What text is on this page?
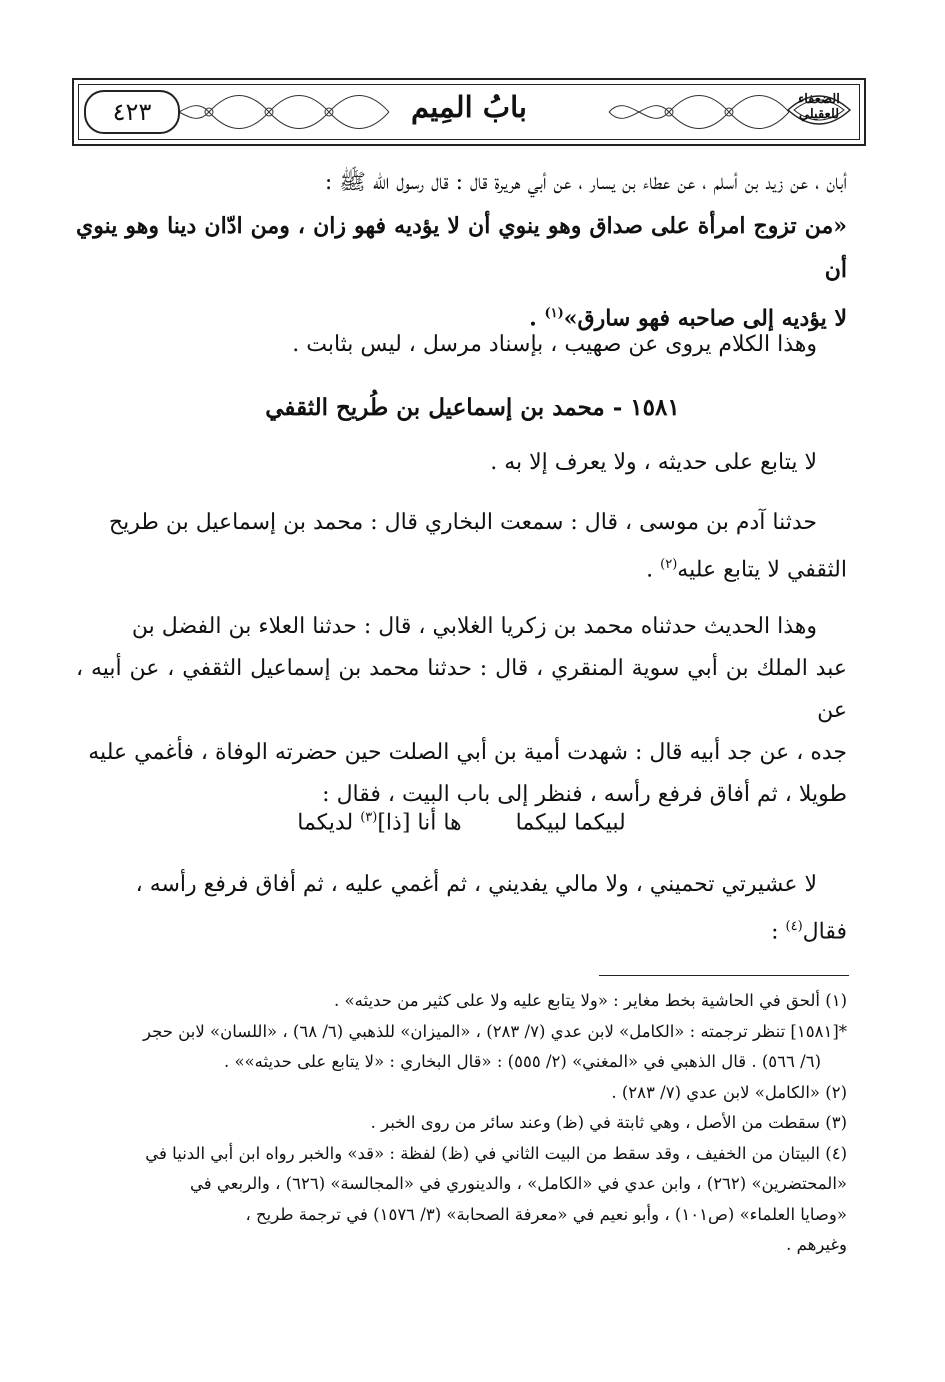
بابُ المِيم
٤٢٣	الضعفاء للعقيلي

أبان ، عن زيد بن أسلم ، عن عطاء بن يسار ، عن أبي هريرة قال : قال رسول الله ﷺ :

«من تزوج امرأة على صداق وهو ينوي أن لا يؤديه فهو زان ، ومن ادّان دينا وهو ينوي أن

لا يؤديه إلى صاحبه فهو سارق»$^{(١)}$ .

وهذا الكلام يروى عن صهيب ، بإسناد مرسل ، ليس بثابت .

١٥٨١ - محمد بن إسماعيل بن طُريح الثقفي

لا يتابع على حديثه ، ولا يعرف إلا به .

حدثنا آدم بن موسى ، قال : سمعت البخاري قال : محمد بن إسماعيل بن طريح

الثقفي لا يتابع عليه$^{(٢)}$ .

وهذا الحديث حدثناه محمد بن زكريا الغلابي ، قال : حدثنا العلاء بن الفضل بن

عبد الملك بن أبي سوية المنقري ، قال : حدثنا محمد بن إسماعيل الثقفي ، عن أبيه ، عن

جده ، عن جد أبيه قال : شهدت أمية بن أبي الصلت حين حضرته الوفاة ، فأغمي عليه

طويلا ، ثم أفاق فرفع رأسه ، فنظر إلى باب البيت ، فقال :

لبيكما لبيكما  ها أنا [ذا]$^{(٣)}$ لديكما

لا عشيرتي تحميني ، ولا مالي يفديني ، ثم أغمي عليه ، ثم أفاق فرفع رأسه ،

فقال$^{(٤)}$ :

(١) ألحق في الحاشية بخط مغاير : «ولا يتابع عليه ولا على كثير من حديثه» .

*[١٥٨١] تنظر ترجمته : «الكامل» لابن عدي (٧/ ٢٨٣) ، «الميزان» للذهبي (٦/ ٦٨) ، «اللسان» لابن حجر

(٦/ ٥٦٦) . قال الذهبي في «المغني» (٢/ ٥٥٥) : «قال البخاري : «لا يتابع على حديثه»» .

(٢) «الكامل» لابن عدي (٧/ ٢٨٣) .

(٣) سقطت من الأصل ، وهي ثابتة في (ظ) وعند سائر من روى الخبر .

(٤) البيتان من الخفيف ، وقد سقط من البيت الثاني في (ظ) لفظة : «قد» والخبر رواه ابن أبي الدنيا في

«المحتضرين» (٢٦٢) ، وابن عدي في «الكامل» ، والدينوري في «المجالسة» (٦٢٦) ، والربعي في

«وصايا العلماء» (ص١٠١) ، وأبو نعيم في «معرفة الصحابة» (٣/ ١٥٧٦) في ترجمة طريح ،

وغيرهم .
